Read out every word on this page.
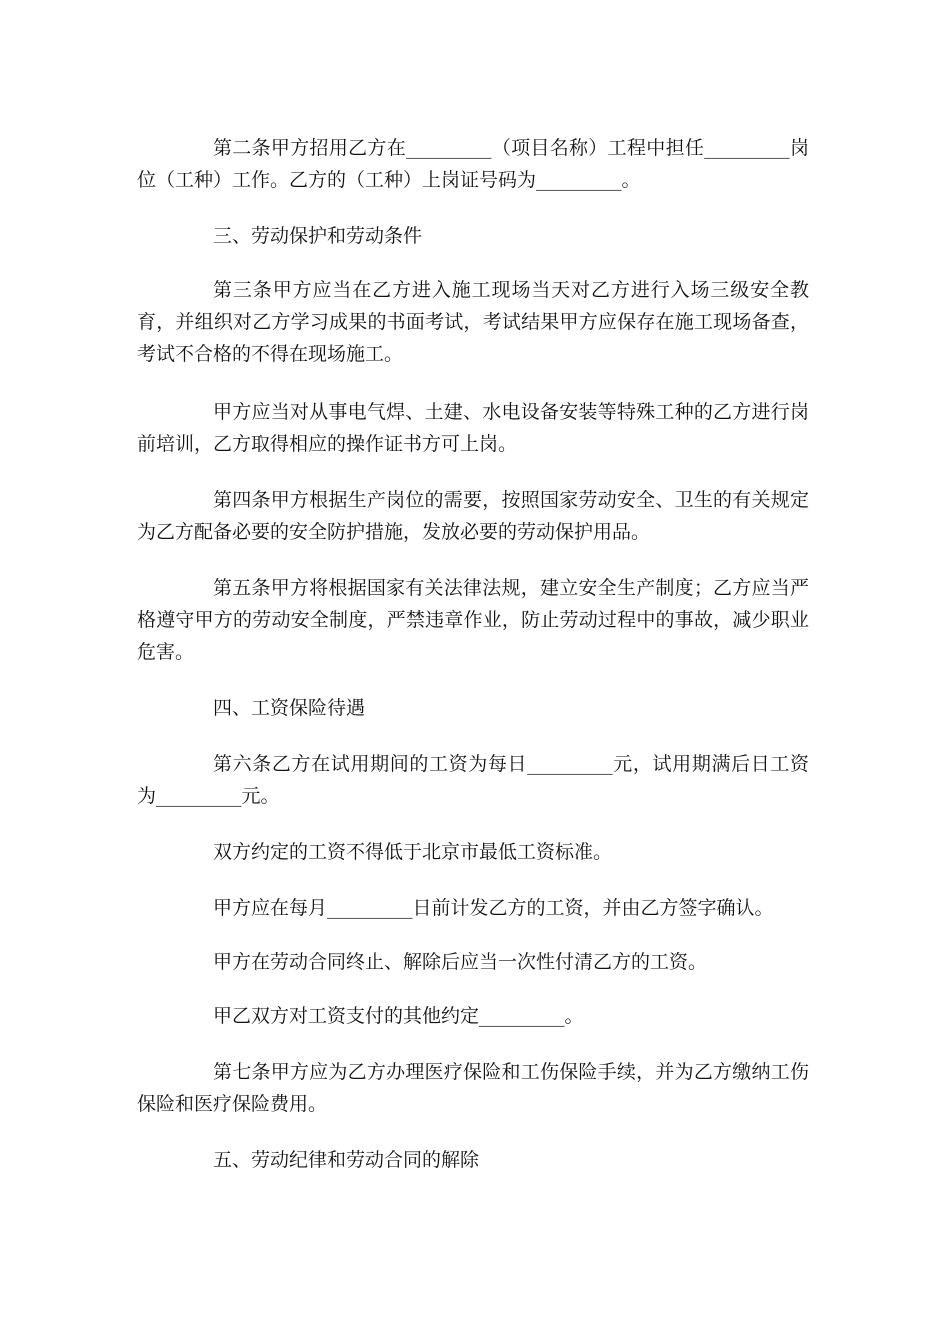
第二条甲方招用乙方在_________（项目名称）工程中担任_________岗位（工种）工作。乙方的（工种）上岗证号码为_________。

三、劳动保护和劳动条件

第三条甲方应当在乙方进入施工现场当天对乙方进行入场三级安全教育，并组织对乙方学习成果的书面考试，考试结果甲方应保存在施工现场备查，考试不合格的不得在现场施工。

甲方应当对从事电气焊、土建、水电设备安装等特殊工种的乙方进行岗前培训，乙方取得相应的操作证书方可上岗。

第四条甲方根据生产岗位的需要，按照国家劳动安全、卫生的有关规定为乙方配备必要的安全防护措施，发放必要的劳动保护用品。

第五条甲方将根据国家有关法律法规，建立安全生产制度；乙方应当严格遵守甲方的劳动安全制度，严禁违章作业，防止劳动过程中的事故，减少职业危害。

四、工资保险待遇

第六条乙方在试用期间的工资为每日_________元，试用期满后日工资为_________元。

双方约定的工资不得低于北京市最低工资标准。

甲方应在每月_________日前计发乙方的工资，并由乙方签字确认。

甲方在劳动合同终止、解除后应当一次性付清乙方的工资。

甲乙双方对工资支付的其他约定_________。

第七条甲方应为乙方办理医疗保险和工伤保险手续，并为乙方缴纳工伤保险和医疗保险费用。

五、劳动纪律和劳动合同的解除
